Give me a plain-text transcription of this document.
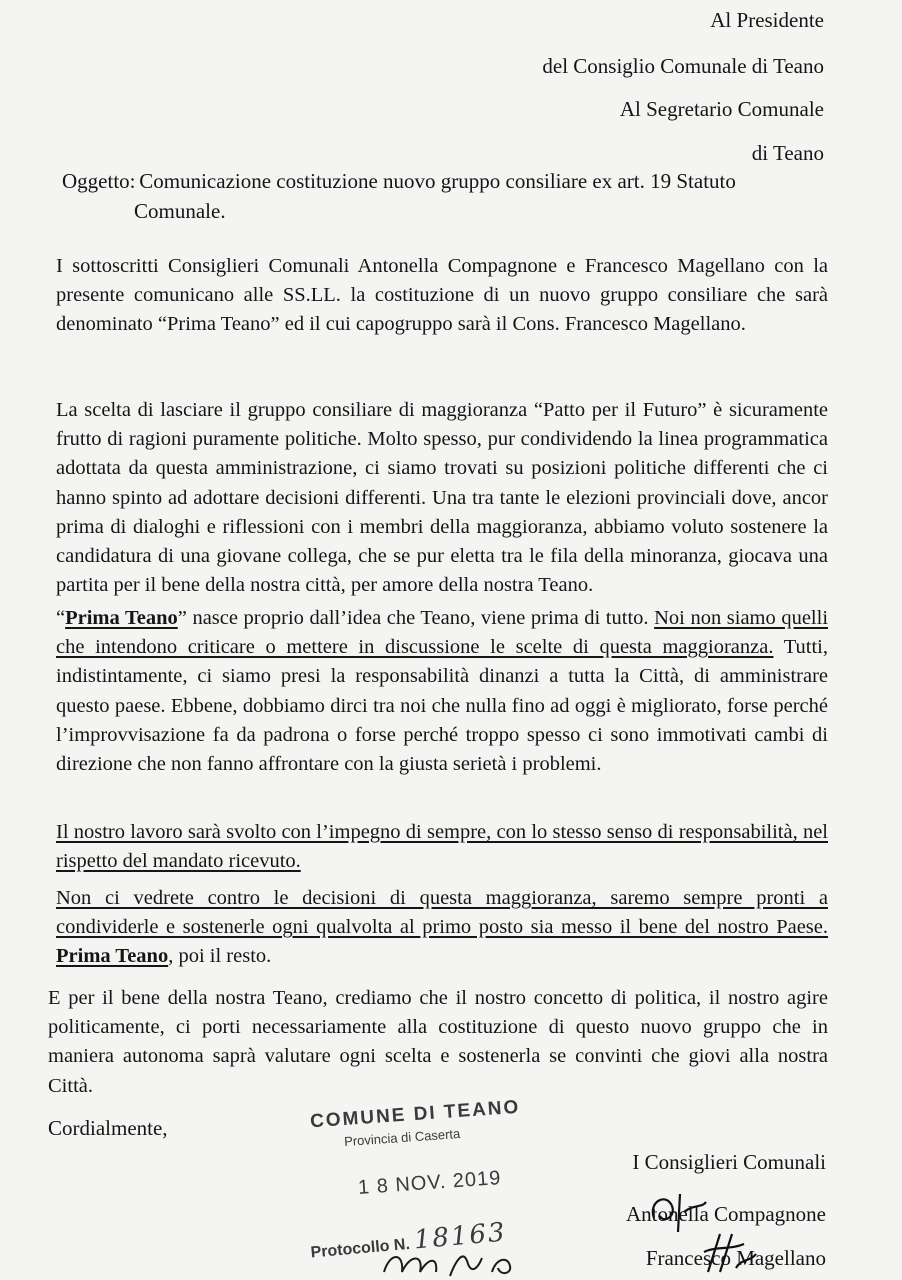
Al Presidente
del Consiglio Comunale di Teano
Al Segretario Comunale
di Teano
Oggetto: Comunicazione costituzione nuovo gruppo consiliare ex art. 19 Statuto
Comunale.

I sottoscritti Consiglieri Comunali Antonella Compagnone e Francesco Magellano con la presente comunicano alle SS.LL. la costituzione di un nuovo gruppo consiliare che sarà denominato “Prima Teano” ed il cui capogruppo sarà il Cons. Francesco Magellano.

La scelta di lasciare il gruppo consiliare di maggioranza “Patto per il Futuro” è sicuramente frutto di ragioni puramente politiche. Molto spesso, pur condividendo la linea programmatica adottata da questa amministrazione, ci siamo trovati su posizioni politiche differenti che ci hanno spinto ad adottare decisioni differenti. Una tra tante le elezioni provinciali dove, ancor prima di dialoghi e riflessioni con i membri della maggioranza, abbiamo voluto sostenere la candidatura di una giovane collega, che se pur eletta tra le fila della minoranza, giocava una partita per il bene della nostra città, per amore della nostra Teano.

“Prima Teano” nasce proprio dall’idea che Teano, viene prima di tutto. Noi non siamo quelli che intendono criticare o mettere in discussione le scelte di questa maggioranza. Tutti, indistintamente, ci siamo presi la responsabilità dinanzi a tutta la Città, di amministrare questo paese. Ebbene, dobbiamo dirci tra noi che nulla fino ad oggi è migliorato, forse perché l’improvvisazione fa da padrona o forse perché troppo spesso ci sono immotivati cambi di direzione che non fanno affrontare con la giusta serietà i problemi.

Il nostro lavoro sarà svolto con l’impegno di sempre, con lo stesso senso di responsabilità, nel rispetto del mandato ricevuto.

Non ci vedrete contro le decisioni di questa maggioranza, saremo sempre pronti a condividerle e sostenerle ogni qualvolta al primo posto sia messo il bene del nostro Paese. Prima Teano, poi il resto.

E per il bene della nostra Teano, crediamo che il nostro concetto di politica, il nostro agire politicamente, ci porti necessariamente alla costituzione di questo nuovo gruppo che in maniera autonoma saprà valutare ogni scelta e sostenerla se convinti che giovi alla nostra Città.

Cordialmente,	COMUNE DI TEANO
Provincia di Caserta
1 8 NOV. 2019
Protocollo N. 18163
I Consiglieri Comunali
Antonella Compagnone
Francesco Magellano
